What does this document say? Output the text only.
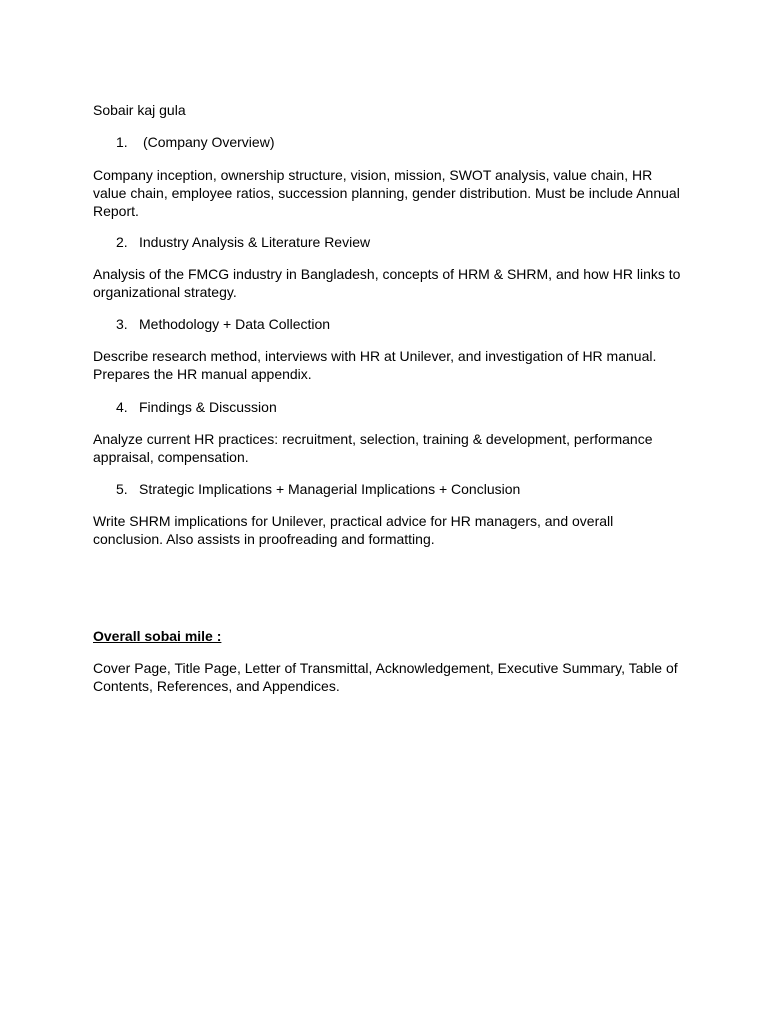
Sobair kaj gula

1. (Company Overview)

Company inception, ownership structure, vision, mission, SWOT analysis, value chain, HR value chain, employee ratios, succession planning, gender distribution. Must be include Annual Report.

2. Industry Analysis & Literature Review

Analysis of the FMCG industry in Bangladesh, concepts of HRM & SHRM, and how HR links to organizational strategy.

3. Methodology + Data Collection

Describe research method, interviews with HR at Unilever, and investigation of HR manual. Prepares the HR manual appendix.

4. Findings & Discussion

Analyze current HR practices: recruitment, selection, training & development, performance appraisal, compensation.

5. Strategic Implications + Managerial Implications + Conclusion

Write SHRM implications for Unilever, practical advice for HR managers, and overall conclusion. Also assists in proofreading and formatting.

Overall sobai mile :

Cover Page, Title Page, Letter of Transmittal, Acknowledgement, Executive Summary, Table of Contents, References, and Appendices.
